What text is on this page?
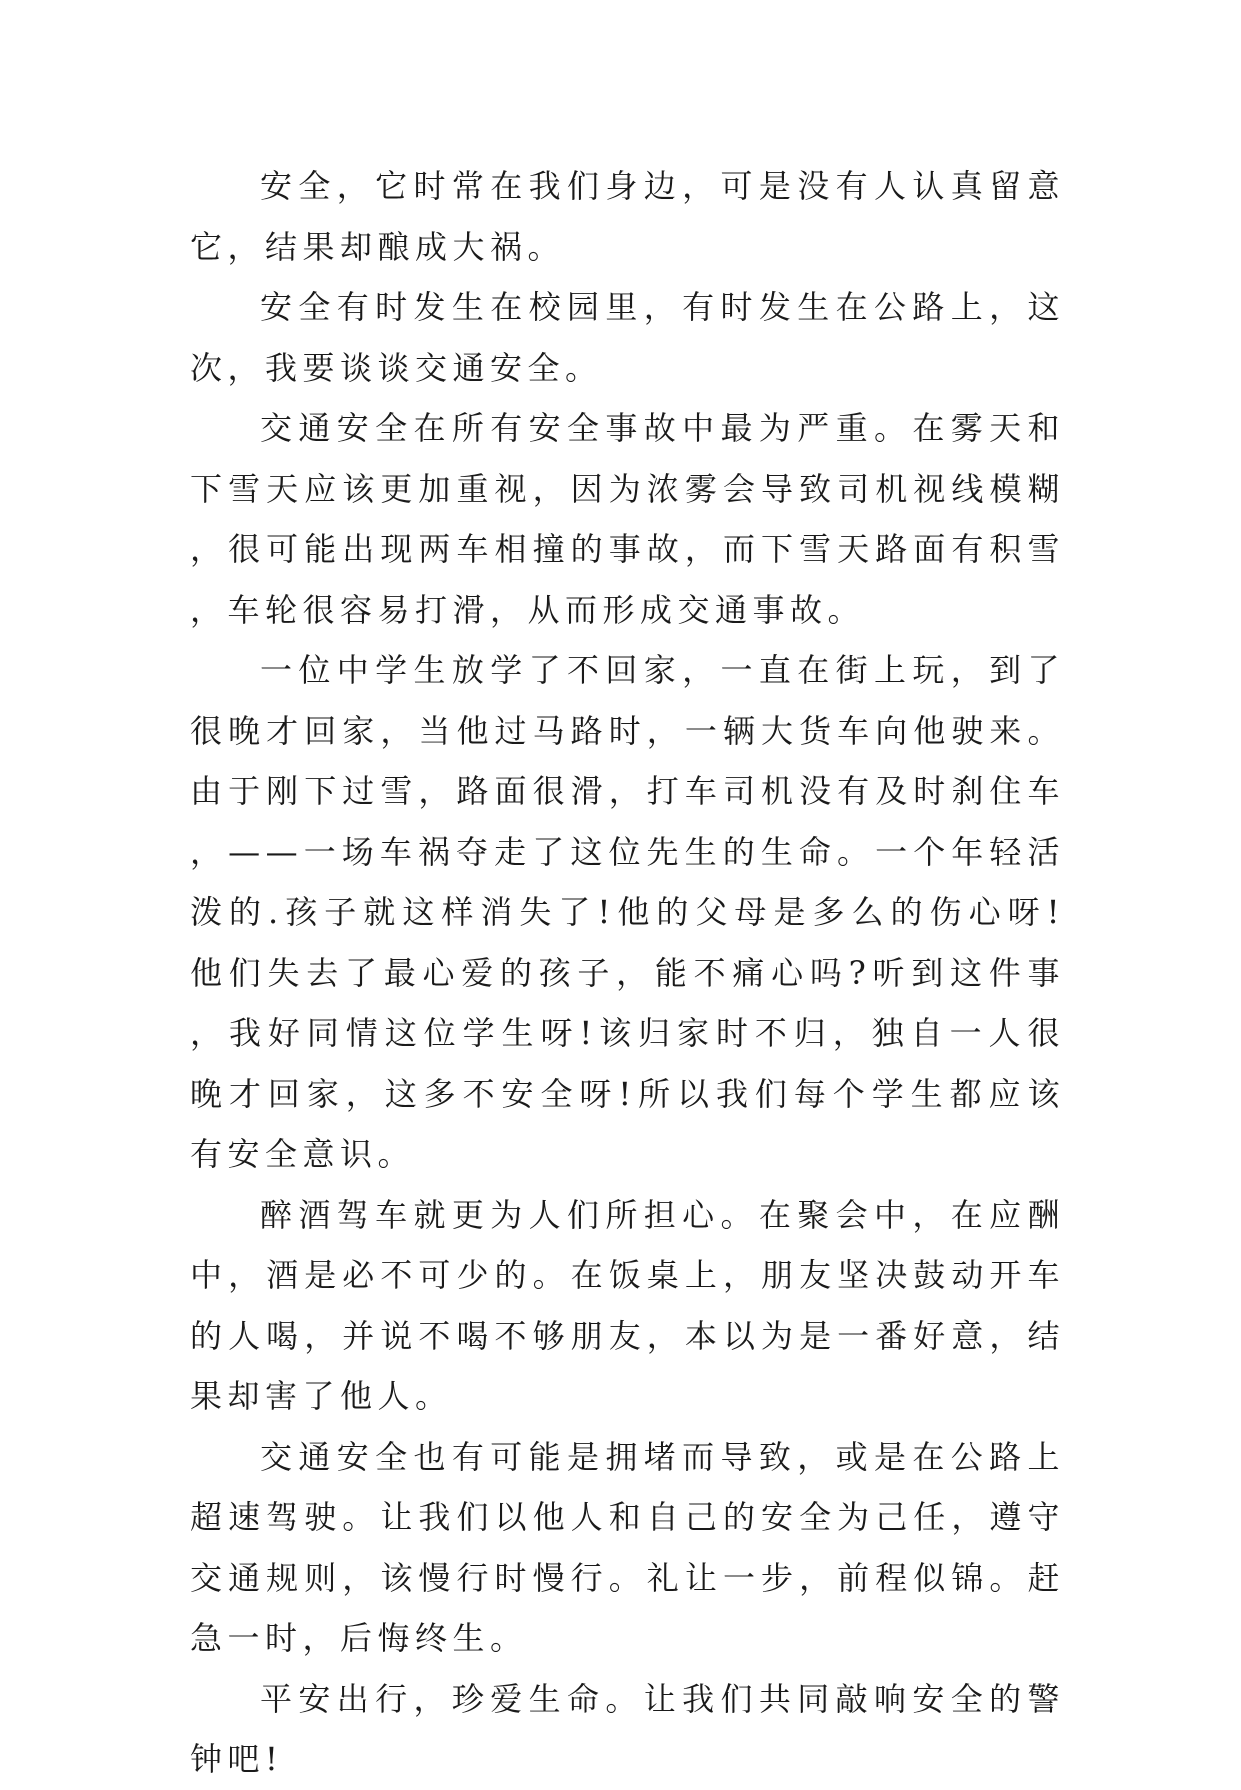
安全，它时常在我们身边，可是没有人认真留意它，结果却酿成大祸。

安全有时发生在校园里，有时发生在公路上，这次，我要谈谈交通安全。

交通安全在所有安全事故中最为严重。在雾天和下雪天应该更加重视，因为浓雾会导致司机视线模糊，很可能出现两车相撞的事故，而下雪天路面有积雪，车轮很容易打滑，从而形成交通事故。

一位中学生放学了不回家，一直在街上玩，到了很晚才回家，当他过马路时，一辆大货车向他驶来。由于刚下过雪，路面很滑，打车司机没有及时刹住车，——一场车祸夺走了这位先生的生命。一个年轻活泼的.孩子就这样消失了!他的父母是多么的伤心呀!他们失去了最心爱的孩子，能不痛心吗?听到这件事，我好同情这位学生呀!该归家时不归，独自一人很晚才回家，这多不安全呀!所以我们每个学生都应该有安全意识。

醉酒驾车就更为人们所担心。在聚会中，在应酬中，酒是必不可少的。在饭桌上，朋友坚决鼓动开车的人喝，并说不喝不够朋友，本以为是一番好意，结果却害了他人。

交通安全也有可能是拥堵而导致，或是在公路上超速驾驶。让我们以他人和自己的安全为己任，遵守交通规则，该慢行时慢行。礼让一步，前程似锦。赶急一时，后悔终生。

平安出行，珍爱生命。让我们共同敲响安全的警钟吧!
